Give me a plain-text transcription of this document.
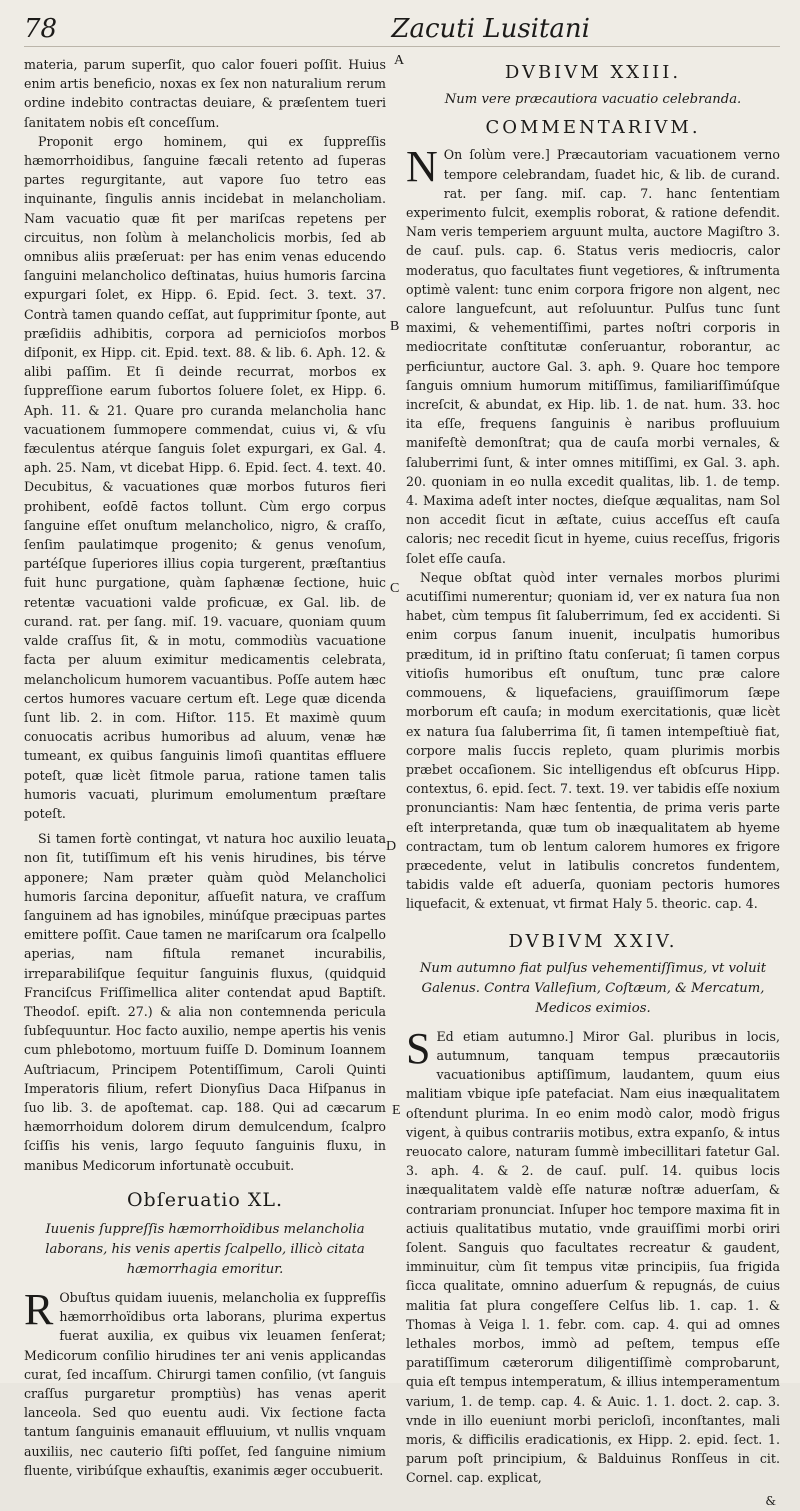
78	Zacuti Lusitani

materia, parum superſit, quo calor foueri poſſit. Huius enim artis beneficio, noxas ex ſex non naturalium rerum ordine indebito contractas deuiare, & præſentem tueri ſanitatem nobis eſt conceſſum.

Proponit ergo hominem, qui ex ſuppreſſis hæmorrhoidibus, ſanguine fæcali retento ad ſuperas partes regurgitante, aut vapore ſuo tetro eas inquinante, ſingulis annis incidebat in melancholiam. Nam vacuatio quæ fit per mariſcas repetens per circuitus, non ſolùm à melancholicis morbis, ſed ab omnibus aliis præſeruat: per has enim venas educendo ſanguini melancholico deſtinatas, huius humoris ſarcina expurgari ſolet, ex Hipp. 6. Epid. ſect. 3. text. 37. Contrà tamen quando ceſſat, aut ſupprimitur ſponte, aut præſidiis adhibitis, corpora ad pernicioſos morbos diſponit, ex Hipp. cit. Epid. text. 88. & lib. 6. Aph. 12. & alibi paſſim. Et ſi deinde recurrat, morbos ex ſuppreſſione earum ſubortos ſoluere ſolet, ex Hipp. 6. Aph. 11. & 21. Quare pro curanda melancholia hanc vacuationem ſummopere commendat, cuius vi, & vſu fæculentus atérque ſanguis ſolet expurgari, ex Gal. 4. aph. 25. Nam, vt dicebat Hipp. 6. Epid. ſect. 4. text. 40. Decubitus, & vacuationes quæ morbos futuros fieri prohibent, eoſdē factos tollunt. Cùm ergo corpus ſanguine eſſet onuſtum melancholico, nigro, & craſſo, ſenſim paulatimque progenito; & genus venoſum, partéſque ſuperiores illius copia turgerent, præſtantius fuit hunc purgatione, quàm ſaphænæ ſectione, huic retentæ vacuationi valde proficuæ, ex Gal. lib. de curand. rat. per ſang. miſ. 19. vacuare, quoniam quum valde craſſus ſit, & in motu, commodiùs vacuatione facta per aluum eximitur medicamentis celebrata, melancholicum humorem vacuantibus. Poſſe autem hæc certos humores vacuare certum eſt. Lege quæ dicenda ſunt lib. 2. in com. Hiſtor. 115. Et maximè quum conuocatis acribus humoribus ad aluum, venæ hæ tumeant, ex quibus ſanguinis limoſi quantitas effluere poteſt, quæ licèt ſitmole parua, ratione tamen talis humoris vacuati, plurimum emolumentum præſtare poteſt.

Si tamen fortè contingat, vt natura hoc auxilio leuata non ſit, tutiſſimum eſt his venis hirudines, bis térve apponere; Nam præter quàm quòd Melancholici humoris ſarcina deponitur, aſſueſit natura, ve craſſum ſanguinem ad has ignobiles, minúſque præcipuas partes emittere poſſit. Caue tamen ne mariſcarum ora ſcalpello aperias, nam fiſtula remanet incurabilis, irreparabiliſque ſequitur ſanguinis fluxus, (quidquid Franciſcus Friſſimellica aliter contendat apud Baptiſt. Theodoſ. epiſt. 27.) & alia non contemnenda pericula ſubſequuntur. Hoc facto auxilio, nempe apertis his venis cum phlebotomo, mortuum fuiſſe D. Dominum Ioannem Auſtriacum, Principem Potentiſſimum, Caroli Quinti Imperatoris filium, refert Dionyſius Daca Hiſpanus in ſuo lib. 3. de apoſtemat. cap. 188. Qui ad cæcarum hæmorrhoidum dolorem dirum demulcendum, ſcalpro ſciſſis his venis, largo ſequuto ſanguinis fluxu, in manibus Medicorum infortunatè occubuit.

Obſeruatio XL.
Iuuenis ſuppreſſis hæmorrhoïdibus melancholia laborans, his venis apertis ſcalpello, illicò citata hæmorrhagia emoritur.

R Obuſtus quidam iuuenis, melancholia ex ſuppreſſis hæmorrhoïdibus orta laborans, plurima expertus fuerat auxilia, ex quibus vix leuamen ſenſerat; Medicorum conſilio hirudines ter ani venis applicandas curat, ſed incaſſum. Chirurgi tamen conſilio, (vt ſanguis craſſus purgaretur promptiùs) has venas aperit lanceola. Sed quo euentu audi. Vix ſectione facta tantum ſanguinis emanauit effluuium, vt nullis vnquam auxiliis, nec cauterio ſiſti poſſet, ſed ſanguine nimium fluente, viribúſque exhauſtis, exanimis æger occubuerit.

A
B
C
D
E
DVBIVM XXIII.
Num vere præcautiora vacuatio celebranda.
COMMENTARIVM.

N On ſolùm vere.] Præcautoriam vacuationem verno tempore celebrandam, ſuadet hic, & lib. de curand. rat. per ſang. miſ. cap. 7. hanc ſententiam experimento fulcit, exemplis roborat, & ratione defendit. Nam veris temperiem arguunt multa, auctore Magiſtro 3. de cauſ. puls. cap. 6. Status veris mediocris, calor moderatus, quo facultates fiunt vegetiores, & inſtrumenta optimè valent: tunc enim corpora frigore non algent, nec calore languefcunt, aut reſoluuntur. Pulſus tunc ſunt maximi, & vehementiſſimi, partes noſtri corporis in mediocritate conſtitutæ conſeruantur, roborantur, ac perficiuntur, auctore Gal. 3. aph. 9. Quare hoc tempore ſanguis omnium humorum mitiſſimus, familiariſſimúſque increſcit, & abundat, ex Hip. lib. 1. de nat. hum. 33. hoc ita eſſe, frequens ſanguinis è naribus profluuium manifeſtè demonſtrat; qua de cauſa morbi vernales, & ſaluberrimi ſunt, & inter omnes mitiſſimi, ex Gal. 3. aph. 20. quoniam in eo nulla excedit qualitas, lib. 1. de temp. 4. Maxima adeſt inter noctes, dieſque æqualitas, nam Sol non accedit ſicut in æſtate, cuius acceſſus eſt cauſa caloris; nec recedit ſicut in hyeme, cuius receſſus, frigoris ſolet eſſe cauſa.

Neque obſtat quòd inter vernales morbos plurimi acutiſſimi numerentur; quoniam id, ver ex natura ſua non habet, cùm tempus ſit ſaluberrimum, ſed ex accidenti. Si enim corpus ſanum inuenit, inculpatis humoribus præditum, id in priſtino ſtatu conſeruat; ſi tamen corpus vitioſis humoribus eſt onuſtum, tunc præ calore commouens, & liquefaciens, grauiſſimorum ſæpe morborum eſt cauſa; in modum exercitationis, quæ licèt ex natura ſua ſaluberrima ſit, ſi tamen intempeſtiuè fiat, corpore malis ſuccis repleto, quam plurimis morbis præbet occaſionem. Sic intelligendus eſt obſcurus Hipp. contextus, 6. epid. ſect. 7. text. 19. ver tabidis eſſe noxium pronunciantis: Nam hæc ſententia, de prima veris parte eſt interpretanda, quæ tum ob inæqualitatem ab hyeme contractam, tum ob lentum calorem humores ex frigore præcedente, velut in latibulis concretos fundentem, tabidis valde eſt aduerſa, quoniam pectoris humores liquefacit, & extenuat, vt firmat Haly 5. theoric. cap. 4.

DVBIVM XXIV.
Num autumno fiat pulſus vehementiſſimus, vt voluit Galenus. Contra Valleſium, Coſtæum, & Mercatum, Medicos eximios.

S Ed etiam autumno.] Miror Gal. pluribus in locis, autumnum, tanquam tempus præcautoriis vacuationibus aptiſſimum, laudantem, quum eius malitiam vbique ipſe patefaciat. Nam eius inæqualitatem oſtendunt plurima. In eo enim modò calor, modò frigus vigent, à quibus contrariis motibus, extra expanſo, & intus reuocato calore, naturam ſummè imbecillitari fatetur Gal. 3. aph. 4. & 2. de cauſ. pulſ. 14. quibus locis inæqualitatem valdè eſſe naturæ noſtræ aduerſam, & contrariam pronunciat. Inſuper hoc tempore maxima fit in actiuis qualitatibus mutatio, vnde grauiſſimi morbi oriri ſolent. Sanguis quo facultates recreatur & gaudent, imminuitur, cùm ſit tempus vitæ principiis, ſua frigida ſicca qualitate, omnino aduerſum & repugnás, de cuius malitia ſat plura congeſſere Celſus lib. 1. cap. 1. & Thomas à Veiga l. 1. febr. com. cap. 4. qui ad omnes lethales morbos, immò ad peſtem, tempus eſſe paratiſſimum cæterorum diligentiſſimè comprobarunt, quia eſt tempus intemperatum, & illius intemperamentum varium, 1. de temp. cap. 4. & Auic. 1. 1. doct. 2. cap. 3. vnde in illo eueniunt morbi pericloſi, inconſtantes, mali moris, & difficilis eradicationis, ex Hipp. 2. epid. ſect. 1. parum poſt principium, & Balduinus Ronſſeus in cit. Cornel. cap. explicat,

&
